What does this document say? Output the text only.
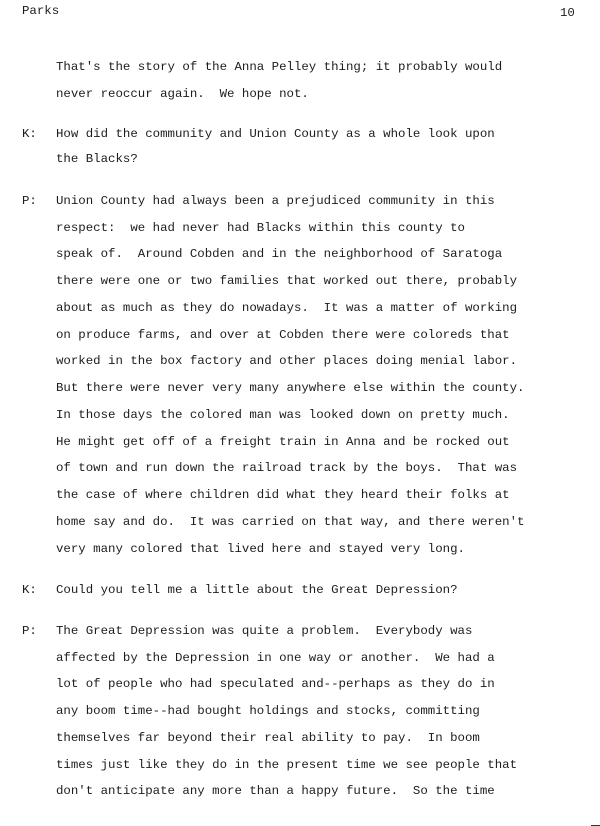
Parks	10
That's the story of the Anna Pelley thing; it probably would
never reoccur again.  We hope not.
K: How did the community and Union County as a whole look upon
the Blacks?
P: Union County had always been a prejudiced community in this
respect:  we had never had Blacks within this county to
speak of.  Around Cobden and in the neighborhood of Saratoga
there were one or two families that worked out there, probably
about as much as they do nowadays.  It was a matter of working
on produce farms, and over at Cobden there were coloreds that
worked in the box factory and other places doing menial labor.
But there were never very many anywhere else within the county.
In those days the colored man was looked down on pretty much.
He might get off of a freight train in Anna and be rocked out
of town and run down the railroad track by the boys.  That was
the case of where children did what they heard their folks at
home say and do.  It was carried on that way, and there weren't
very many colored that lived here and stayed very long.
K: Could you tell me a little about the Great Depression?
P: The Great Depression was quite a problem.  Everybody was
affected by the Depression in one way or another.  We had a
lot of people who had speculated and--perhaps as they do in
any boom time--had bought holdings and stocks, committing
themselves far beyond their real ability to pay.  In boom
times just like they do in the present time we see people that
don't anticipate any more than a happy future.  So the time
